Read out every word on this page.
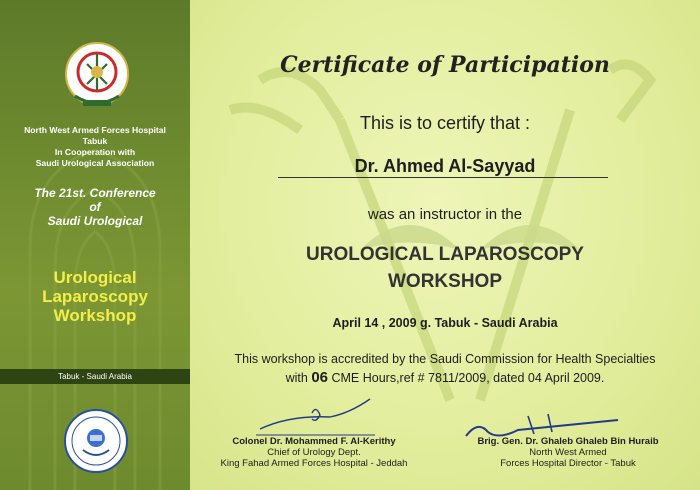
North West Armed Forces Hospital
Tabuk
In Cooperation with
Saudi Urological Association
The 21st. Conference
of
Saudi Urological
Urological
Laparoscopy
Workshop
Tabuk - Saudi Arabia
Certificate of Participation
This is to certify that :
Dr. Ahmed Al-Sayyad
was an instructor in the
UROLOGICAL LAPAROSCOPY
WORKSHOP
April 14 , 2009 g. Tabuk - Saudi Arabia
This workshop is accredited by the Saudi Commission for Health Specialties
with 06 CME Hours,ref # 7811/2009, dated 04 April 2009.
Colonel Dr. Mohammed F. Al-Kerithy
Chief of Urology Dept.
King Fahad Armed Forces Hospital - Jeddah
Brig. Gen. Dr. Ghaleb Ghaleb Bin Huraib
North West Armed
Forces Hospital Director - Tabuk
